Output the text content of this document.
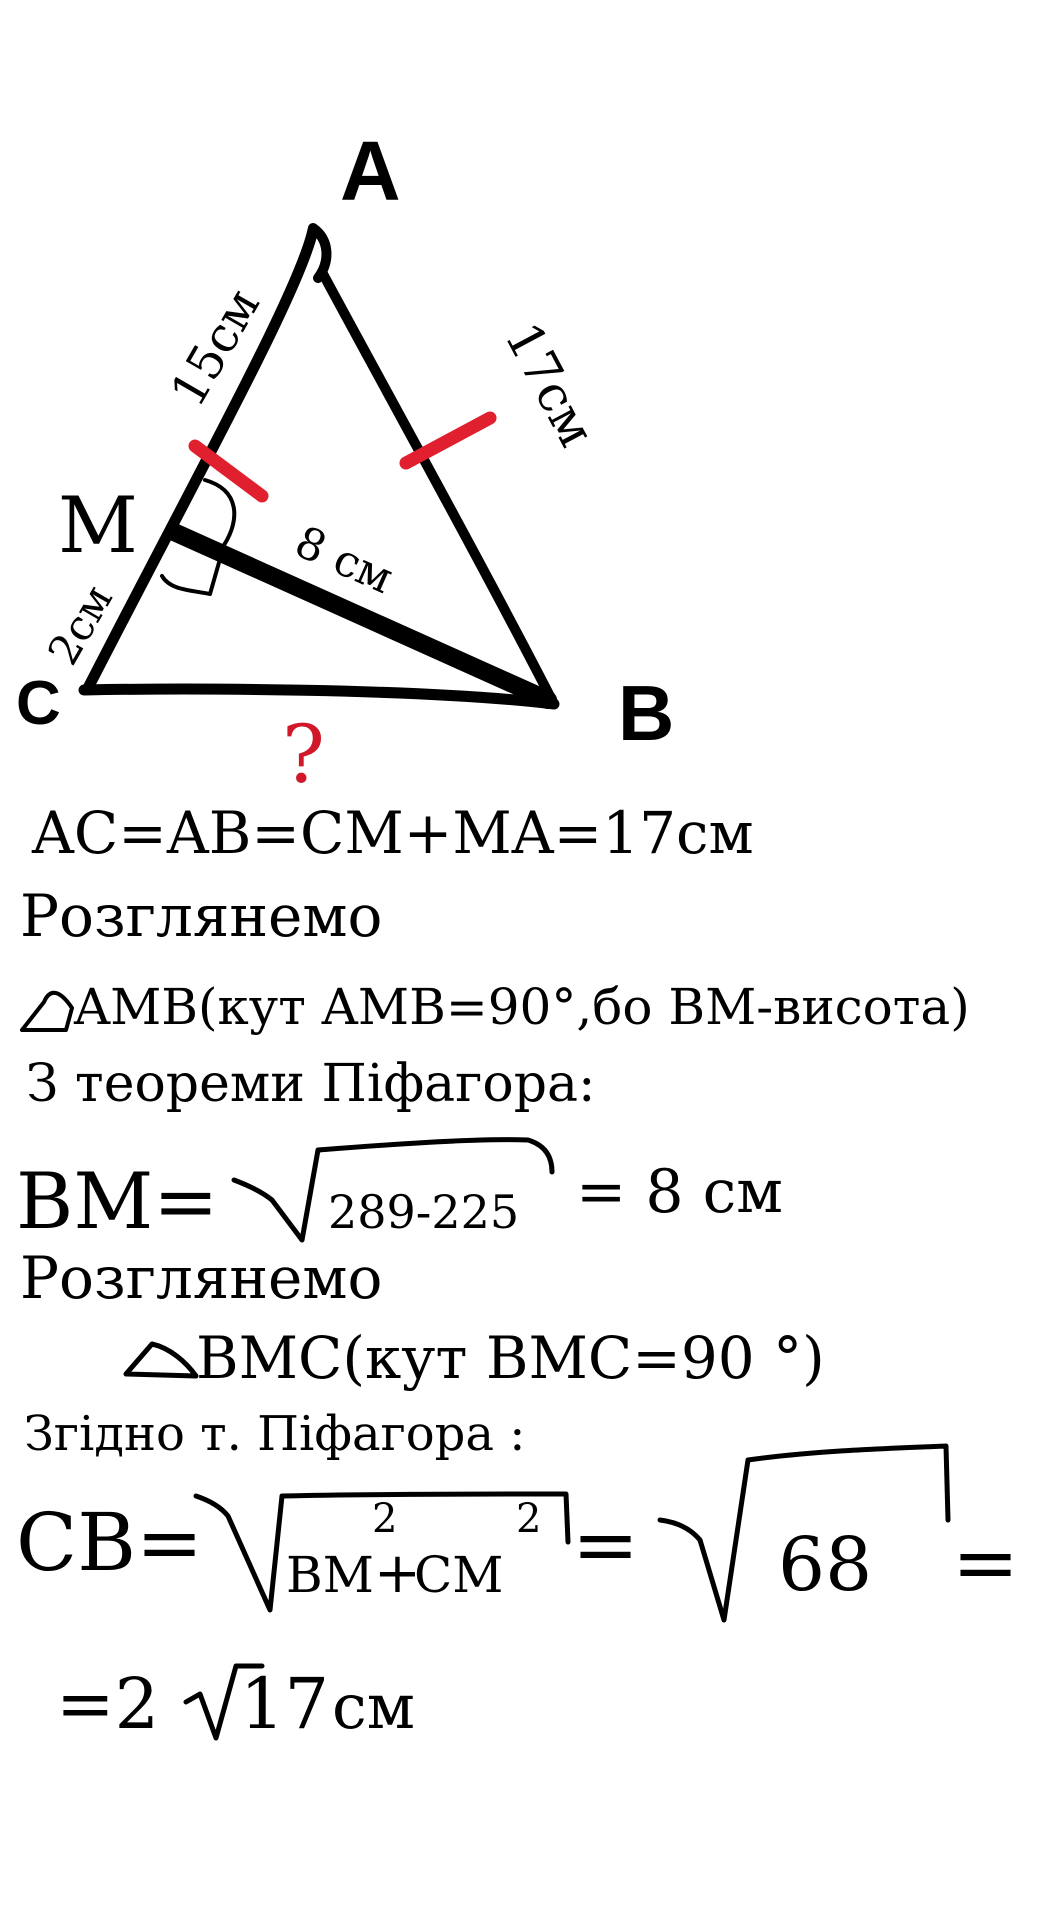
A
B
C
M
15см	17см
8 см
2см
?
AC=AB=CM+MA=17см
Розглянемо
AMB(кут AMB=90°,бо BM-висота)
З теореми Піфагора:
BM= 289-225 = 8 см
Розглянемо
BMC(кут BMC=90 °)
Згідно т. Піфагора :
CB= BM
2
+
CM
2 = 68 =
=2 17 см
